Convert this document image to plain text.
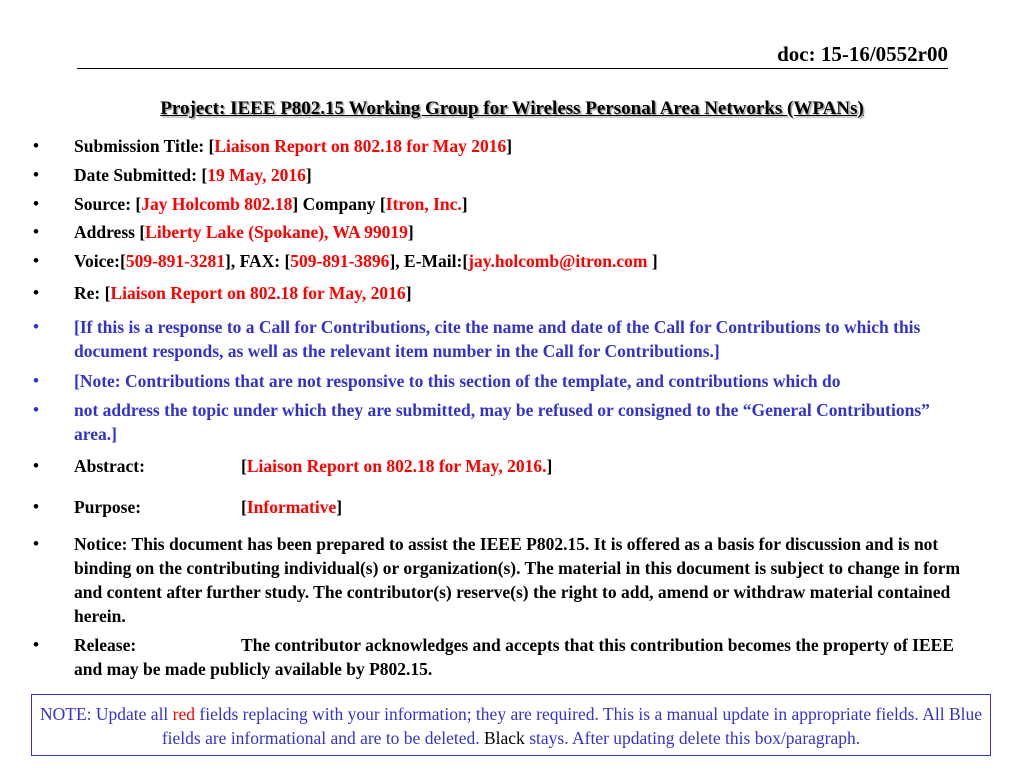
doc: 15-16/0552r00
Project: IEEE P802.15 Working Group for Wireless Personal Area Networks (WPANs)
• Submission Title: [Liaison Report on 802.18 for May 2016]
• Date Submitted: [19 May, 2016]
• Source: [Jay Holcomb 802.18] Company [Itron, Inc.]
• Address [Liberty Lake (Spokane), WA 99019]
• Voice:[509-891-3281], FAX: [509-891-3896], E-Mail:[jay.holcomb@itron.com ]
• Re: [Liaison Report on 802.18 for May, 2016]
• [If this is a response to a Call for Contributions, cite the name and date of the Call for Contributions to which this document responds, as well as the relevant item number in the Call for Contributions.]
• [Note: Contributions that are not responsive to this section of the template, and contributions which do
• not address the topic under which they are submitted, may be refused or consigned to the “General Contributions” area.]
• Abstract:	[Liaison Report on 802.18 for May, 2016.]
• Purpose:	[Informative]
• Notice: This document has been prepared to assist the IEEE P802.15. It is offered as a basis for discussion and is not binding on the contributing individual(s) or organization(s). The material in this document is subject to change in form and content after further study. The contributor(s) reserve(s) the right to add, amend or withdraw material contained herein.
• Release:	The contributor acknowledges and accepts that this contribution becomes the property of IEEE and may be made publicly available by P802.15.
NOTE: Update all red fields replacing with your information; they are required. This is a manual update in appropriate fields. All Blue fields are informational and are to be deleted. Black stays. After updating delete this box/paragraph.
